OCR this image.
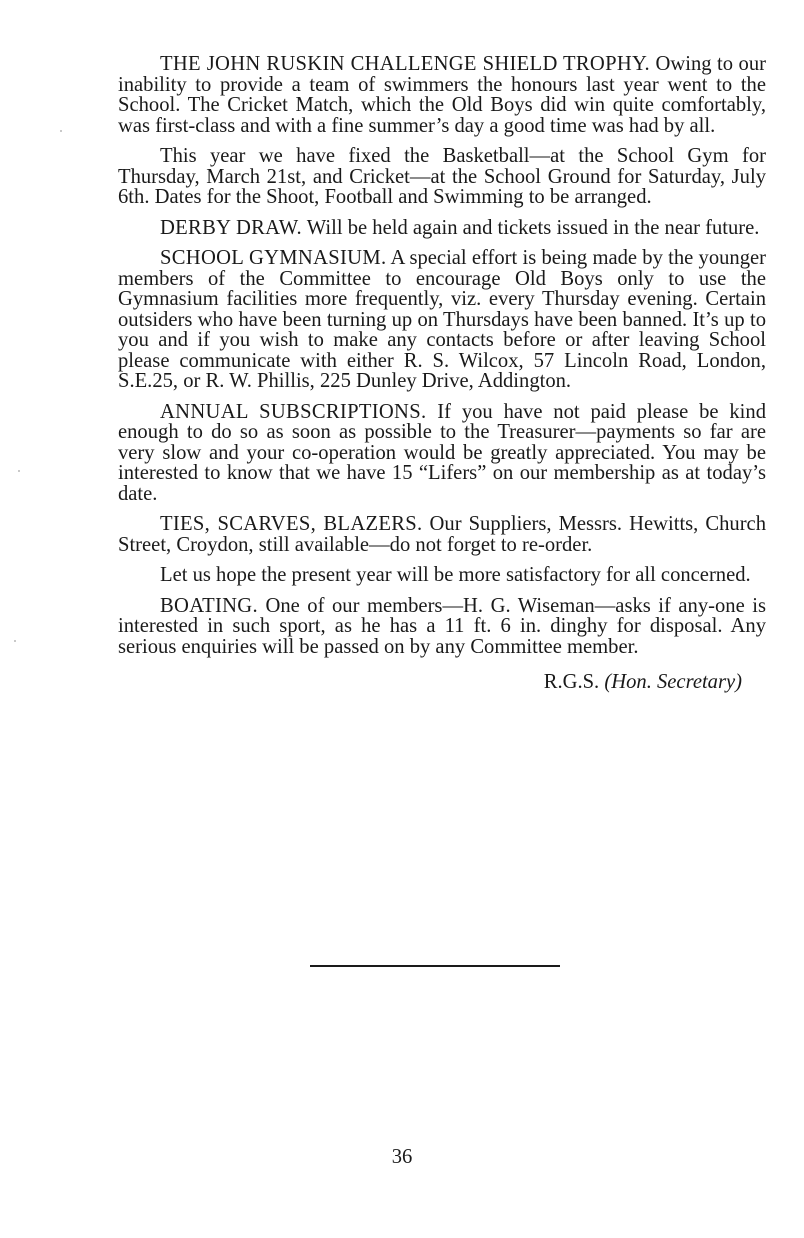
THE JOHN RUSKIN CHALLENGE SHIELD TROPHY. Owing to our inability to provide a team of swimmers the honours last year went to the School. The Cricket Match, which the Old Boys did win quite comfortably, was first-class and with a fine summer’s day a good time was had by all.

This year we have fixed the Basketball—at the School Gym for Thursday, March 21st, and Cricket—at the School Ground for Saturday, July 6th. Dates for the Shoot, Football and Swimming to be arranged.

DERBY DRAW. Will be held again and tickets issued in the near future.

SCHOOL GYMNASIUM. A special effort is being made by the younger members of the Committee to encourage Old Boys only to use the Gymnasium facilities more frequently, viz. every Thursday evening. Certain outsiders who have been turning up on Thursdays have been banned. It’s up to you and if you wish to make any contacts before or after leaving School please communicate with either R. S. Wilcox, 57 Lincoln Road, London, S.E.25, or R. W. Phillis, 225 Dunley Drive, Addington.

ANNUAL SUBSCRIPTIONS. If you have not paid please be kind enough to do so as soon as possible to the Treasurer—payments so far are very slow and your co-operation would be greatly appreciated. You may be interested to know that we have 15 “Lifers” on our membership as at today’s date.

TIES, SCARVES, BLAZERS. Our Suppliers, Messrs. Hewitts, Church Street, Croydon, still available—do not forget to re-order.

Let us hope the present year will be more satisfactory for all concerned.

BOATING. One of our members—H. G. Wiseman—asks if any-one is interested in such sport, as he has a 11 ft. 6 in. dinghy for disposal. Any serious enquiries will be passed on by any Committee member.

R.G.S. (Hon. Secretary)

36
